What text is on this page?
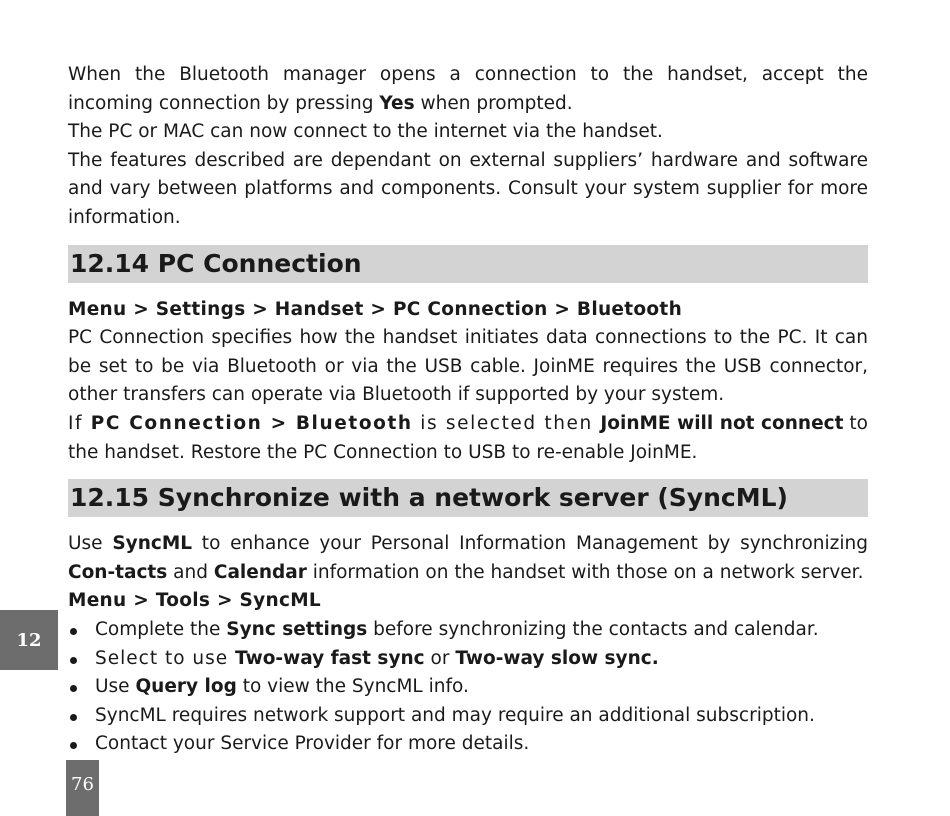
When the Bluetooth manager opens a connection to the handset, accept the incoming connection by pressing Yes when prompted.

The PC or MAC can now connect to the internet via the handset.

The features described are dependant on external suppliers’ hardware and software and vary between platforms and components. Consult your system supplier for more information.

12.14 PC Connection
Menu > Settings > Handset > PC Connection > Bluetooth

PC Connection specifies how the handset initiates data connections to the PC. It can be set to be via Bluetooth or via the USB cable. JoinME requires the USB connector, other transfers can operate via Bluetooth if supported by your system.

If PC Connection > Bluetooth is selected then JoinME will not connect to the handset. Restore the PC Connection to USB to re-enable JoinME.

12.15 Synchronize with a network server (SyncML)

Use SyncML to enhance your Personal Information Management by synchronizing Con-tacts and Calendar information on the handset with those on a network server.

Menu > Tools > SyncML
Complete the Sync settings before synchronizing the contacts and calendar.
Select to use Two-way fast sync or Two-way slow sync.
Use Query log to view the SyncML info.
SyncML requires network support and may require an additional subscription.
Contact your Service Provider for more details.
12
76
